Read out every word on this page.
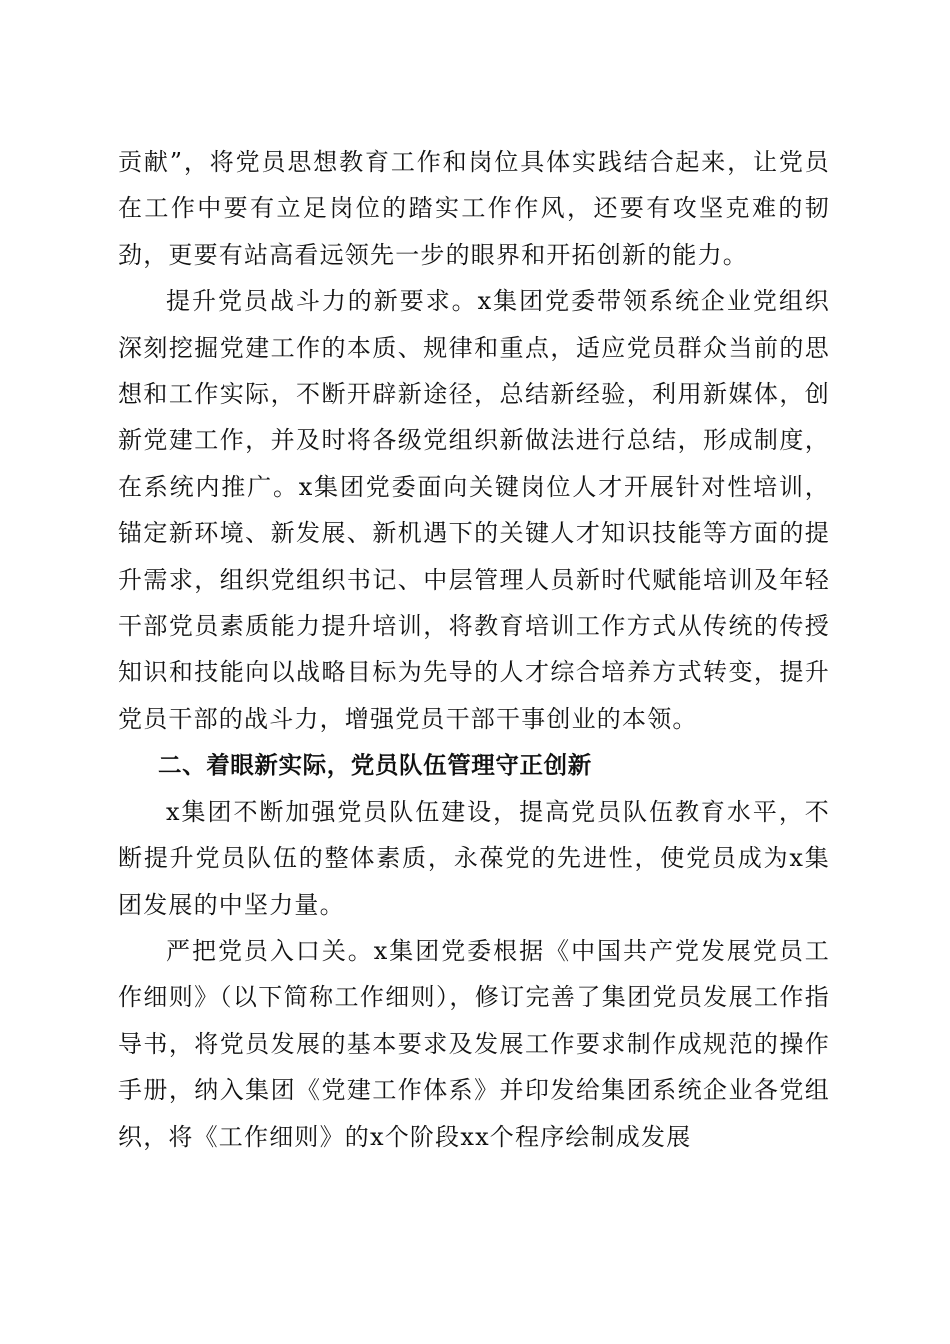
贡献”，将党员思想教育工作和岗位具体实践结合起来，让党员在工作中要有立足岗位的踏实工作作风，还要有攻坚克难的韧劲，更要有站高看远领先一步的眼界和开拓创新的能力。

提升党员战斗力的新要求。x集团党委带领系统企业党组织深刻挖掘党建工作的本质、规律和重点，适应党员群众当前的思想和工作实际，不断开辟新途径，总结新经验，利用新媒体，创新党建工作，并及时将各级党组织新做法进行总结，形成制度，在系统内推广。x集团党委面向关键岗位人才开展针对性培训，锚定新环境、新发展、新机遇下的关键人才知识技能等方面的提升需求，组织党组织书记、中层管理人员新时代赋能培训及年轻干部党员素质能力提升培训，将教育培训工作方式从传统的传授知识和技能向以战略目标为先导的人才综合培养方式转变，提升党员干部的战斗力，增强党员干部干事创业的本领。

二、着眼新实际，党员队伍管理守正创新

x集团不断加强党员队伍建设，提高党员队伍教育水平，不断提升党员队伍的整体素质，永葆党的先进性，使党员成为x集团发展的中坚力量。

严把党员入口关。x集团党委根据《中国共产党发展党员工作细则》（以下简称工作细则），修订完善了集团党员发展工作指导书，将党员发展的基本要求及发展工作要求制作成规范的操作手册，纳入集团《党建工作体系》并印发给集团系统企业各党组织，将《工作细则》的x个阶段xx个程序绘制成发展
